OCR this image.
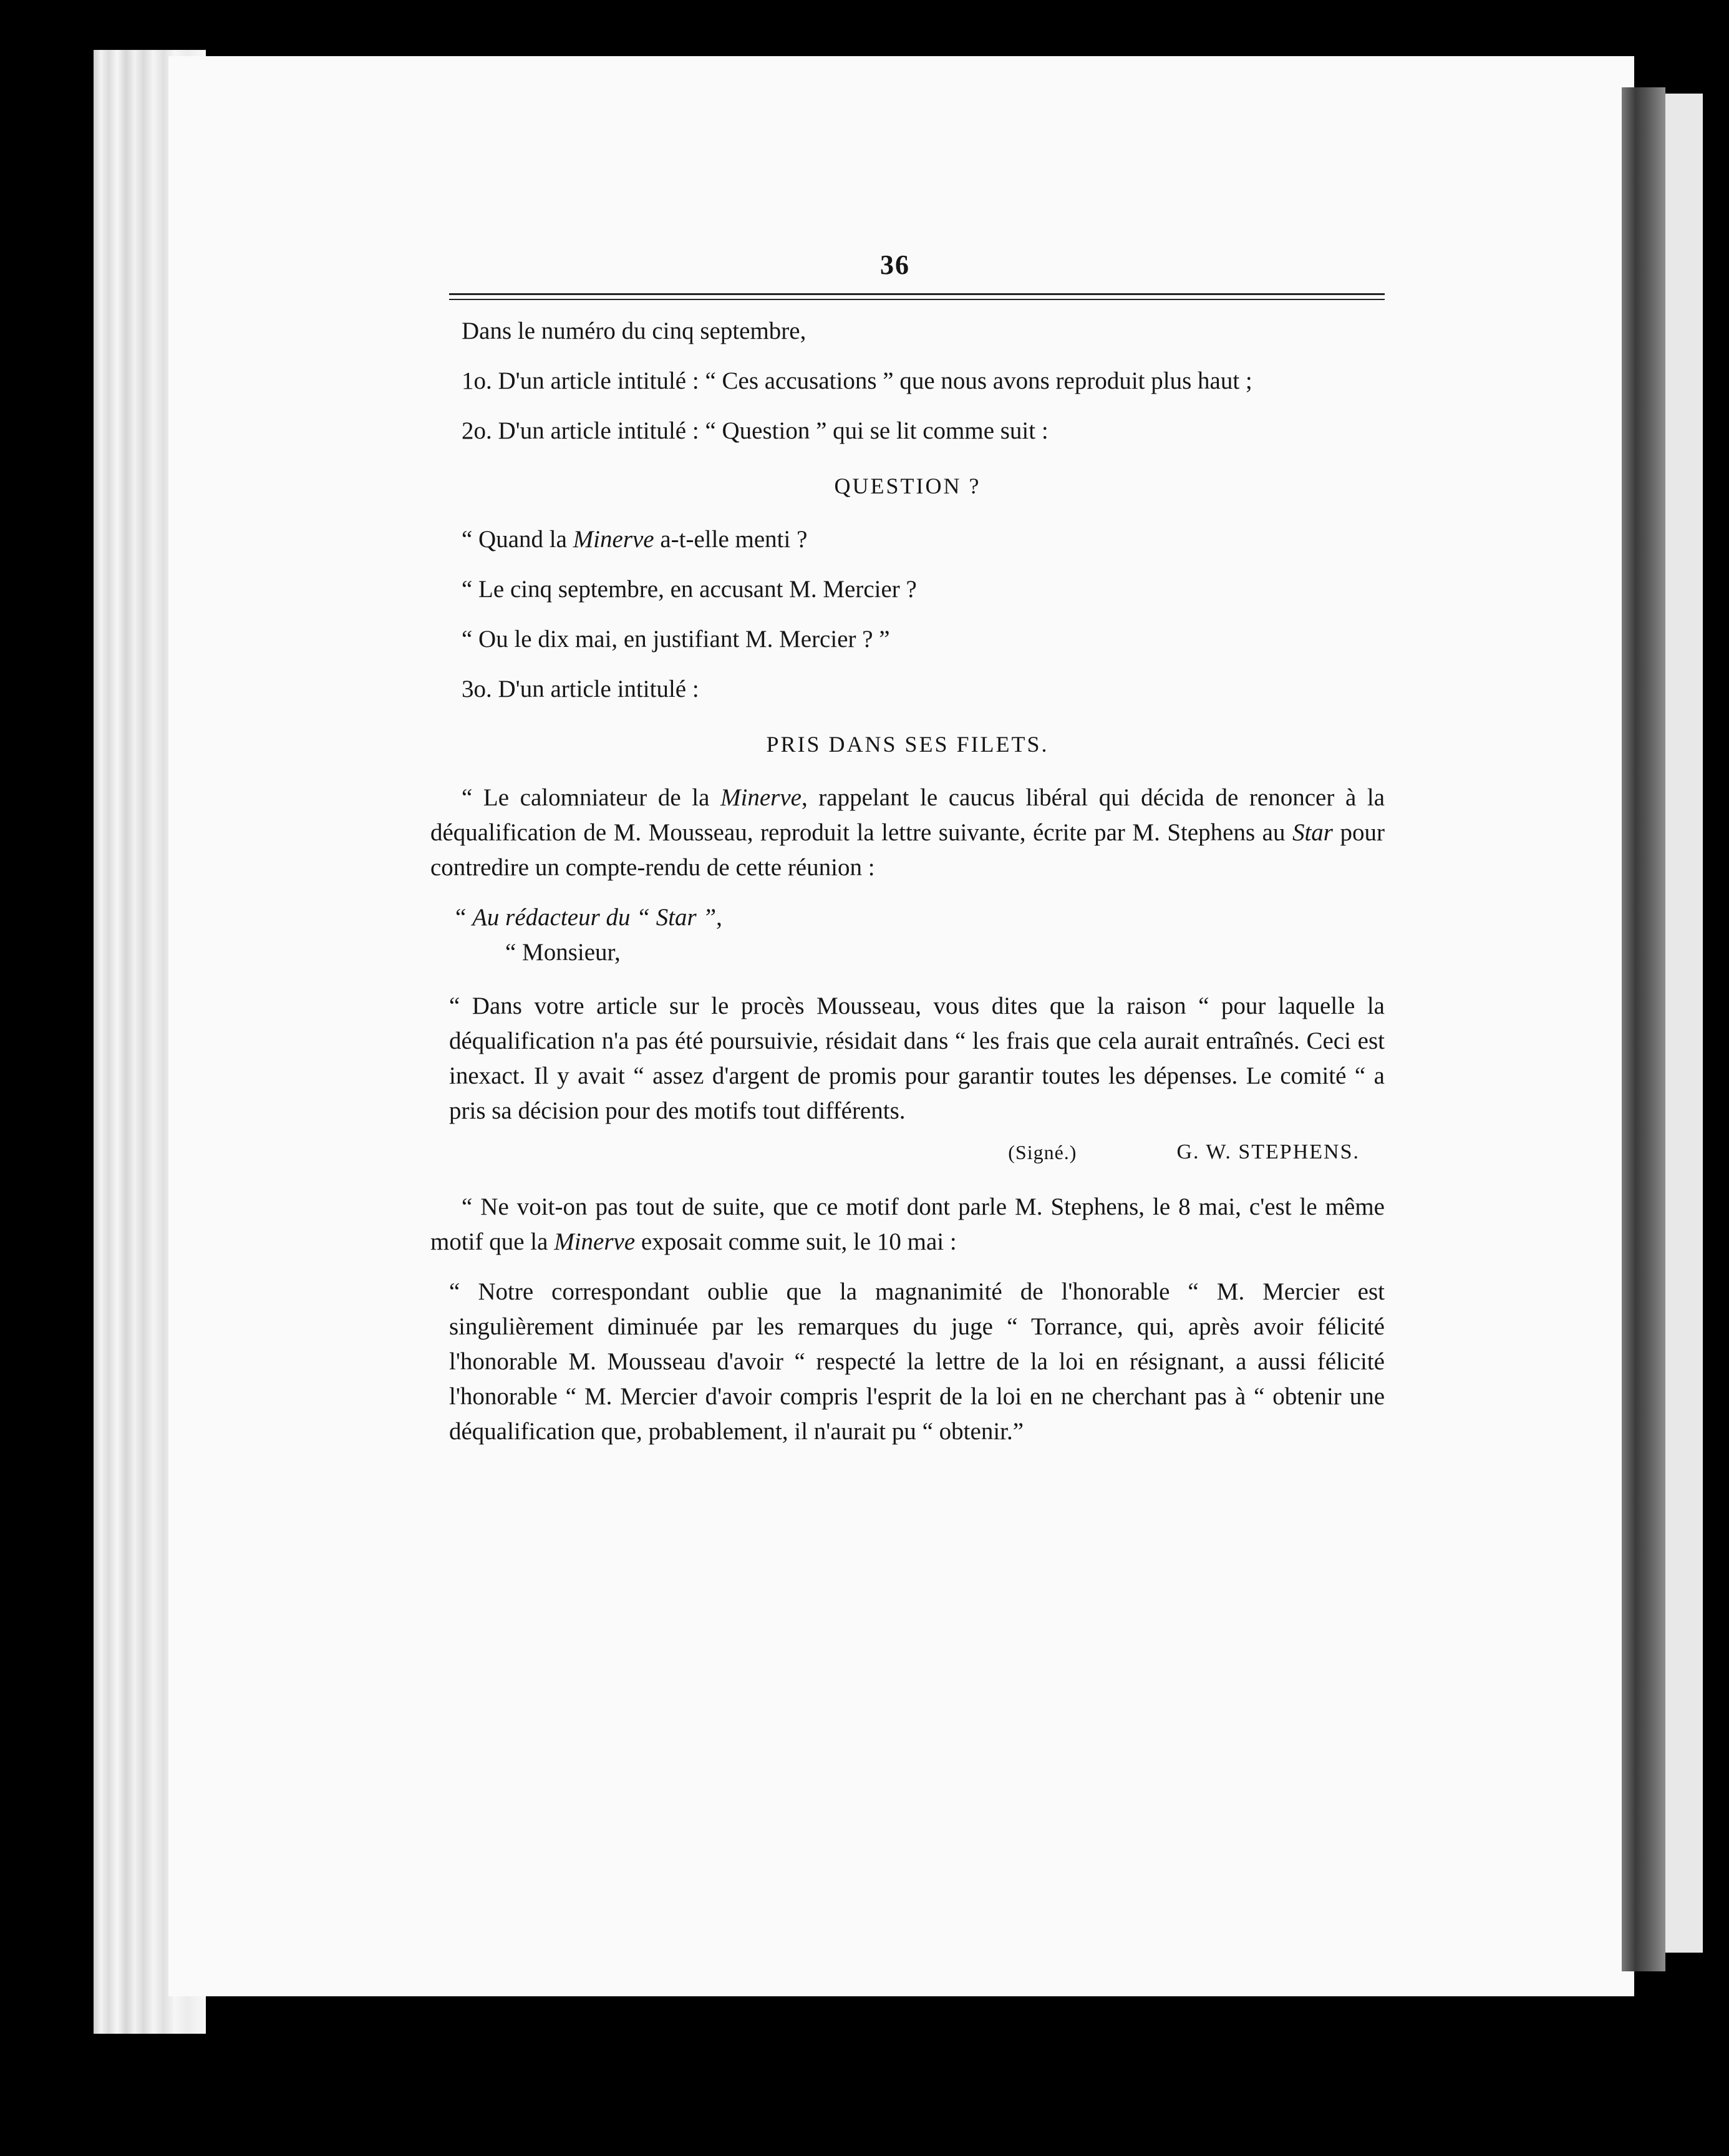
36

Dans le numéro du cinq septembre,

1o. D'un article intitulé : “ Ces accusations ” que nous avons reproduit plus haut ;

2o. D'un article intitulé : “ Question ” qui se lit comme suit :

QUESTION ?
“ Quand la Minerve a-t-elle menti ?
“ Le cinq septembre, en accusant M. Mercier ?
“ Ou le dix mai, en justifiant M. Mercier ? ”

3o. D'un article intitulé :

PRIS DANS SES FILETS.

“ Le calomniateur de la Minerve, rappelant le caucus libéral qui décida de renoncer à la déqualification de M. Mousseau, reproduit la lettre suivante, écrite par M. Stephens au Star pour contredire un compte-rendu de cette réunion :

“ Au rédacteur du “ Star ”,
“ Monsieur,

“ Dans votre article sur le procès Mousseau, vous dites que la raison “ pour laquelle la déqualification n'a pas été poursuivie, résidait dans “ les frais que cela aurait entraînés. Ceci est inexact. Il y avait “ assez d'argent de promis pour garantir toutes les dépenses. Le comité “ a pris sa décision pour des motifs tout différents.

(Signé.)	G. W. STEPHENS.

“ Ne voit-on pas tout de suite, que ce motif dont parle M. Stephens, le 8 mai, c'est le même motif que la Minerve exposait comme suit, le 10 mai :

“ Notre correspondant oublie que la magnanimité de l'honorable “ M. Mercier est singulièrement diminuée par les remarques du juge “ Torrance, qui, après avoir félicité l'honorable M. Mousseau d'avoir “ respecté la lettre de la loi en résignant, a aussi félicité l'honorable “ M. Mercier d'avoir compris l'esprit de la loi en ne cherchant pas à “ obtenir une déqualification que, probablement, il n'aurait pu “ obtenir.”
